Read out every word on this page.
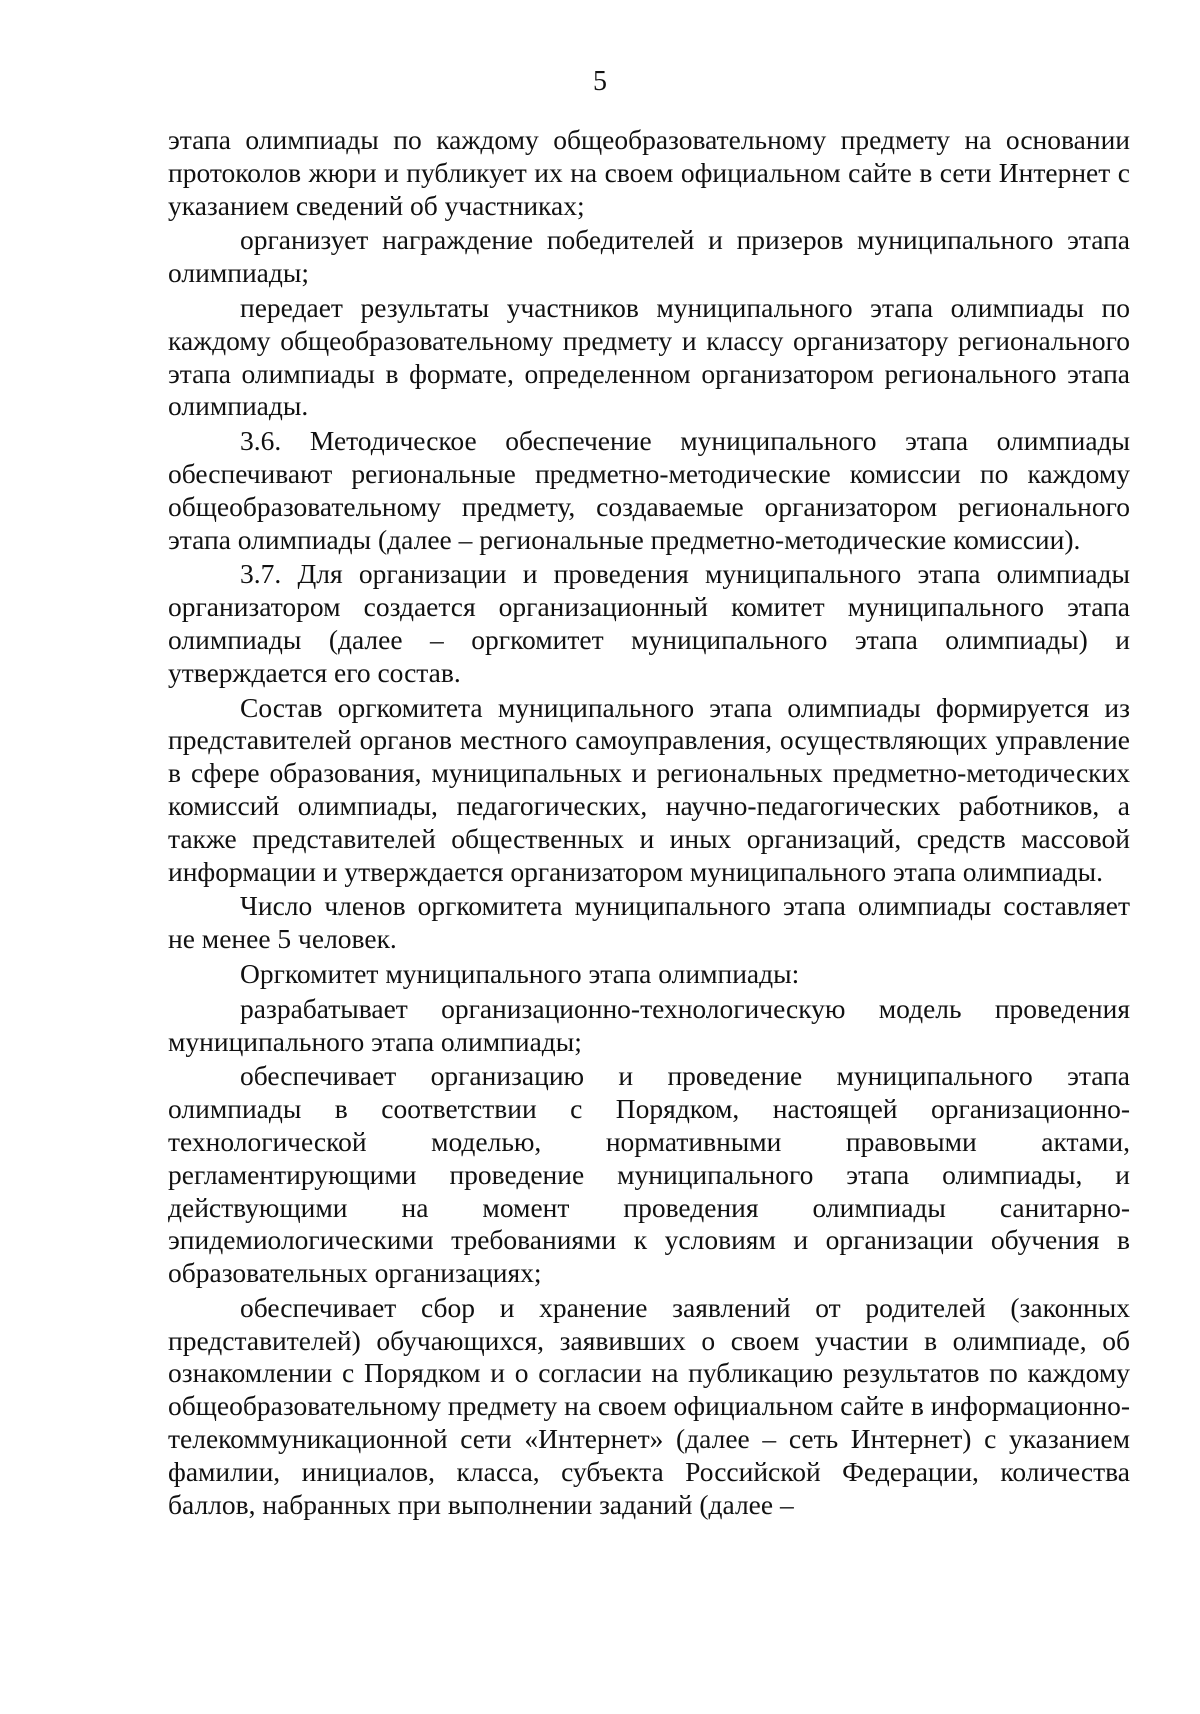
5

этапа олимпиады по каждому общеобразовательному предмету на основании протоколов жюри и публикует их на своем официальном сайте в сети Интернет с указанием сведений об участниках;

организует награждение победителей и призеров муниципального этапа олимпиады;

передает результаты участников муниципального этапа олимпиады по каждому общеобразовательному предмету и классу организатору регионального этапа олимпиады в формате, определенном организатором регионального этапа олимпиады.

3.6. Методическое обеспечение муниципального этапа олимпиады обеспечивают региональные предметно-методические комиссии по каждому общеобразовательному предмету, создаваемые организатором регионального этапа олимпиады (далее – региональные предметно-методические комиссии).

3.7. Для организации и проведения муниципального этапа олимпиады организатором создается организационный комитет муниципального этапа олимпиады (далее – оргкомитет муниципального этапа олимпиады) и утверждается его состав.

Состав оргкомитета муниципального этапа олимпиады формируется из представителей органов местного самоуправления, осуществляющих управление в сфере образования, муниципальных и региональных предметно-методических комиссий олимпиады, педагогических, научно-педагогических работников, а также представителей общественных и иных организаций, средств массовой информации и утверждается организатором муниципального этапа олимпиады.

Число членов оргкомитета муниципального этапа олимпиады составляет не менее 5 человек.

Оргкомитет муниципального этапа олимпиады:

разрабатывает организационно-технологическую модель проведения муниципального этапа олимпиады;

обеспечивает организацию и проведение муниципального этапа олимпиады в соответствии с Порядком, настоящей организационно-технологической моделью, нормативными правовыми актами, регламентирующими проведение муниципального этапа олимпиады, и действующими на момент проведения олимпиады санитарно-эпидемиологическими требованиями к условиям и организации обучения в образовательных организациях;

обеспечивает сбор и хранение заявлений от родителей (законных представителей) обучающихся, заявивших о своем участии в олимпиаде, об ознакомлении с Порядком и о согласии на публикацию результатов по каждому общеобразовательному предмету на своем официальном сайте в информационно-телекоммуникационной сети «Интернет» (далее – сеть Интернет) с указанием фамилии, инициалов, класса, субъекта Российской Федерации, количества баллов, набранных при выполнении заданий (далее –
